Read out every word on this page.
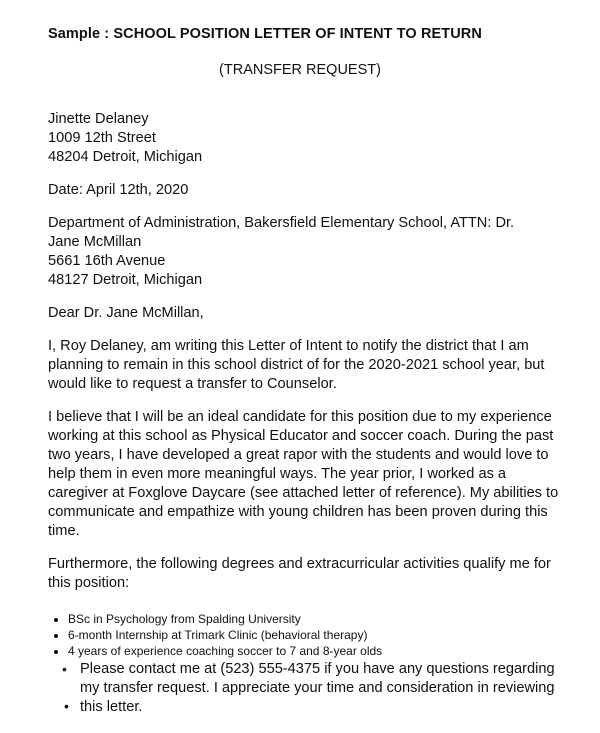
Sample : SCHOOL POSITION LETTER OF INTENT TO RETURN
(TRANSFER REQUEST)

Jinette Delaney
1009 12th Street
48204 Detroit, Michigan

Date: April 12th, 2020

Department of Administration, Bakersfield Elementary School, ATTN: Dr.
Jane McMillan
5661 16th Avenue
48127 Detroit, Michigan

Dear Dr. Jane McMillan,

I, Roy Delaney, am writing this Letter of Intent to notify the district that I am planning to remain in this school district of for the 2020-2021 school year, but would like to request a transfer to Counselor.

I believe that I will be an ideal candidate for this position due to my experience working at this school as Physical Educator and soccer coach. During the past two years, I have developed a great rapor with the students and would love to help them in even more meaningful ways. The year prior, I worked as a caregiver at Foxglove Daycare (see attached letter of reference). My abilities to communicate and empathize with young children has been proven during this time.

Furthermore, the following degrees and extracurricular activities qualify me for this position:

• BSc in Psychology from Spalding University
• 6-month Internship at Trimark Clinic (behavioral therapy)
• 4 years of experience coaching soccer to 7 and 8-year olds
• Please contact me at (523) 555-4375 if you have any questions regarding my transfer request. I appreciate your time and consideration in reviewing this letter.
•
